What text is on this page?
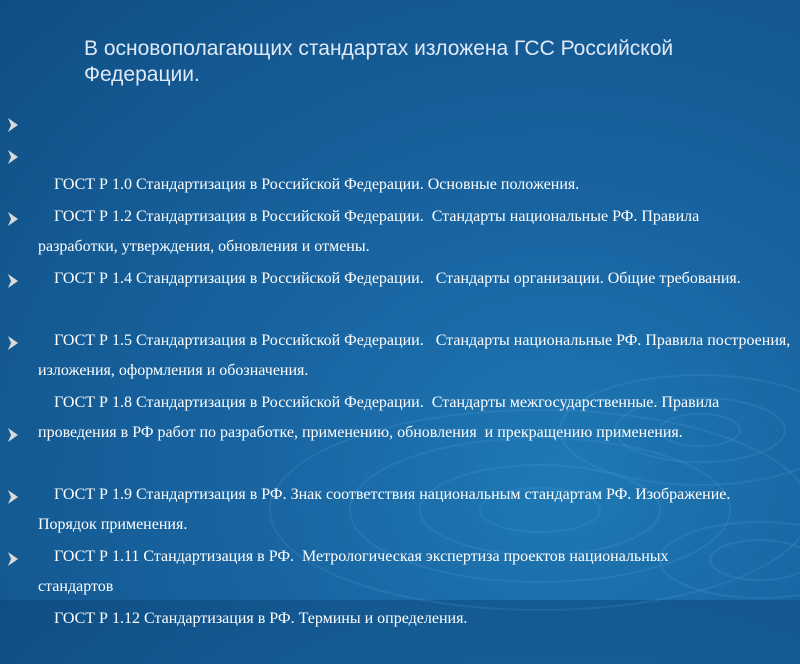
В основополагающих стандартах изложена ГСС Российской Федерации.

ГОСТ Р 1.0 Стандартизация в Российской Федерации. Основные положения.

ГОСТ Р 1.2 Стандартизация в Российской Федерации.  Стандарты национальные РФ. Правила разработки, утверждения, обновления и отмены.

ГОСТ Р 1.4 Стандартизация в Российской Федерации.   Стандарты организации. Общие требования.

ГОСТ Р 1.5 Стандартизация в Российской Федерации.   Стандарты национальные РФ. Правила построения, изложения, оформления и обозначения.

ГОСТ Р 1.8 Стандартизация в Российской Федерации.  Стандарты межгосударственные. Правила проведения в РФ работ по разработке, применению, обновления  и прекращению применения.

ГОСТ Р 1.9 Стандартизация в РФ. Знак соответствия национальным стандартам РФ. Изображение. Порядок применения.

ГОСТ Р 1.11 Стандартизация в РФ.  Метрологическая экспертиза проектов национальных стандартов

ГОСТ Р 1.12 Стандартизация в РФ. Термины и определения.
